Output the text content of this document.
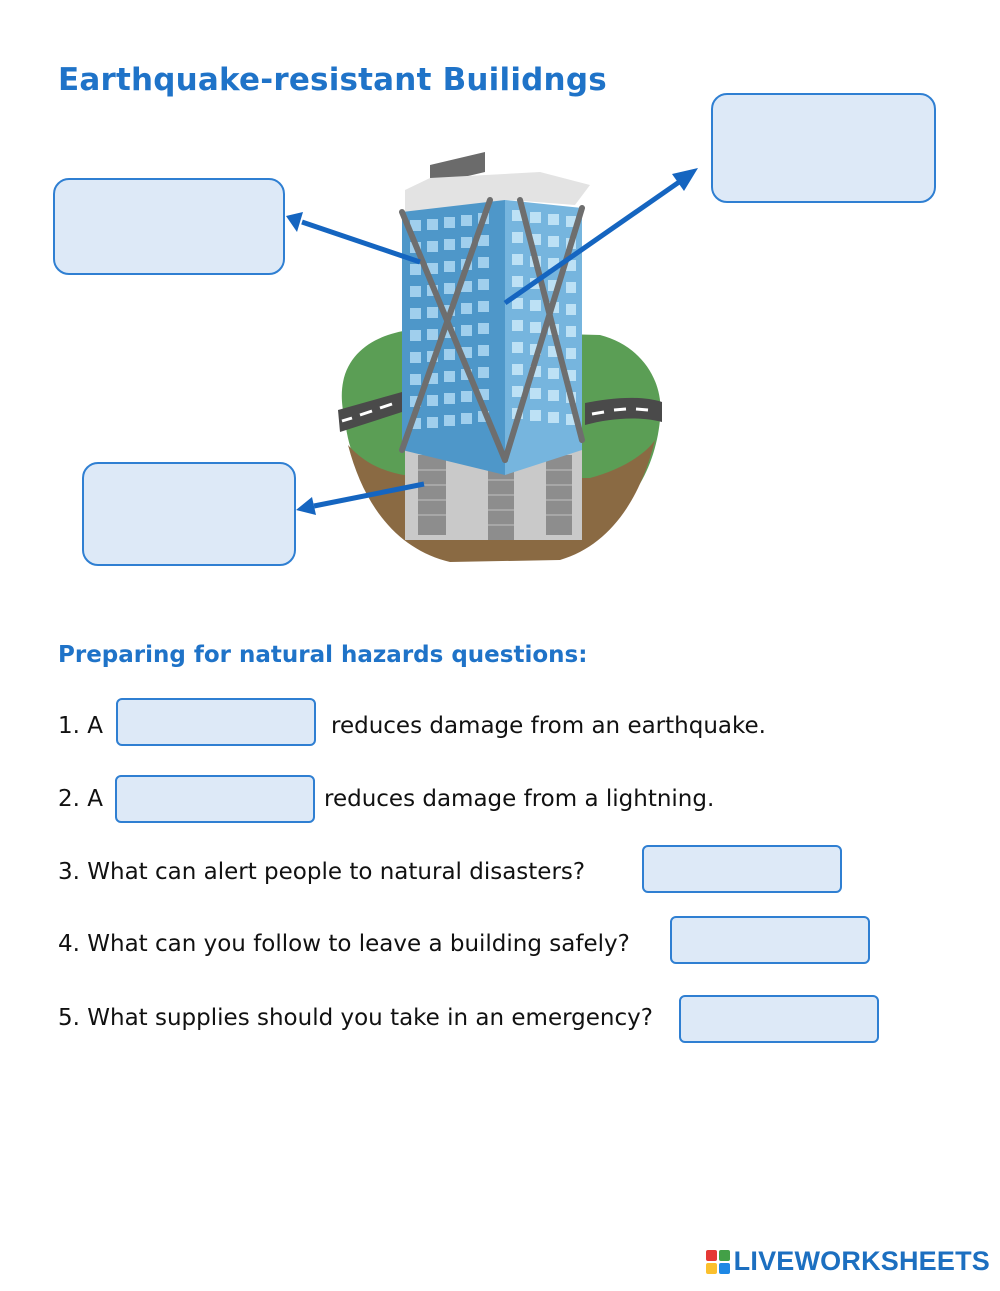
Earthquake-resistant Builidngs
Preparing for natural hazards questions:
1. A	reduces damage from an earthquake.
2. A	reduces damage from a lightning.
3. What can alert people to natural disasters?
4. What can you follow to leave a building safely?
5. What supplies should you take in an emergency?
LIVEWORKSHEETS
